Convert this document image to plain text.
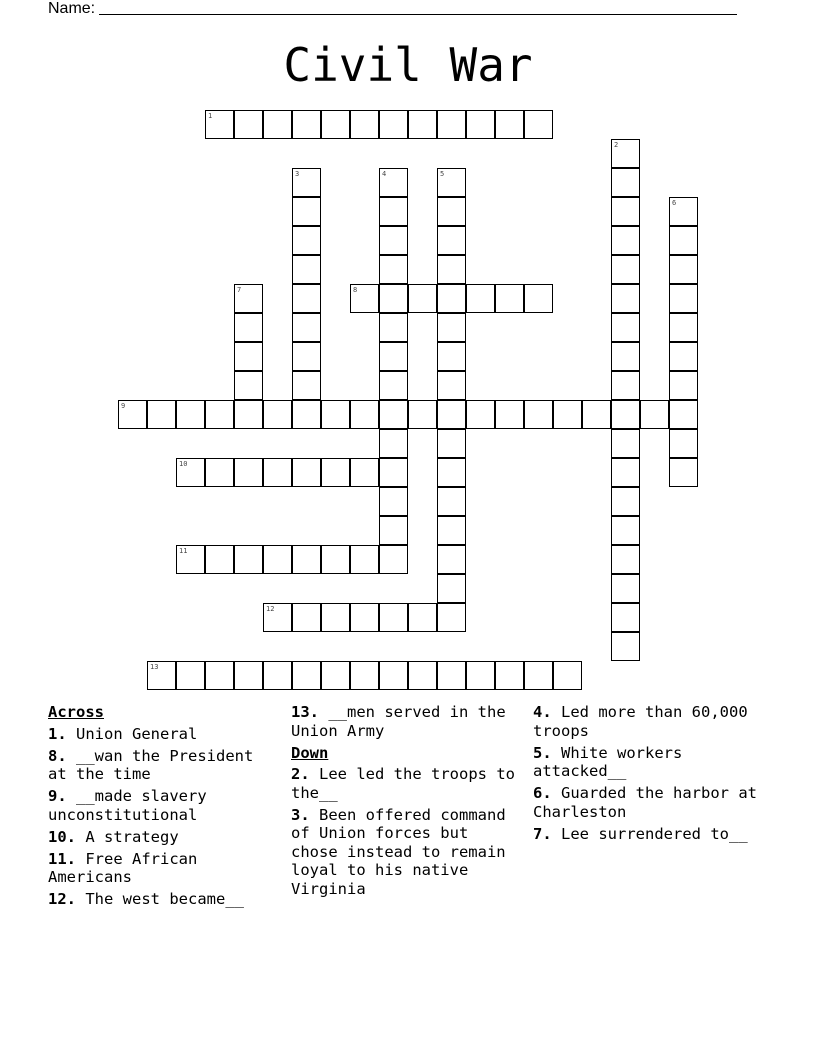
Name:
Civil War
1
2
3	4	5
6
7	8
9
10
11
12
13
Across
1. Union General
8. __wan the President at the time
9. __made slavery unconstitutional
10. A strategy
11. Free African Americans
12. The west became__
13. __men served in the Union Army
Down
2. Lee led the troops to the__
3. Been offered command of Union forces but chose instead to remain loyal to his native Virginia
4. Led more than 60,000 troops
5. White workers attacked__
6. Guarded the harbor at Charleston
7. Lee surrendered to__
